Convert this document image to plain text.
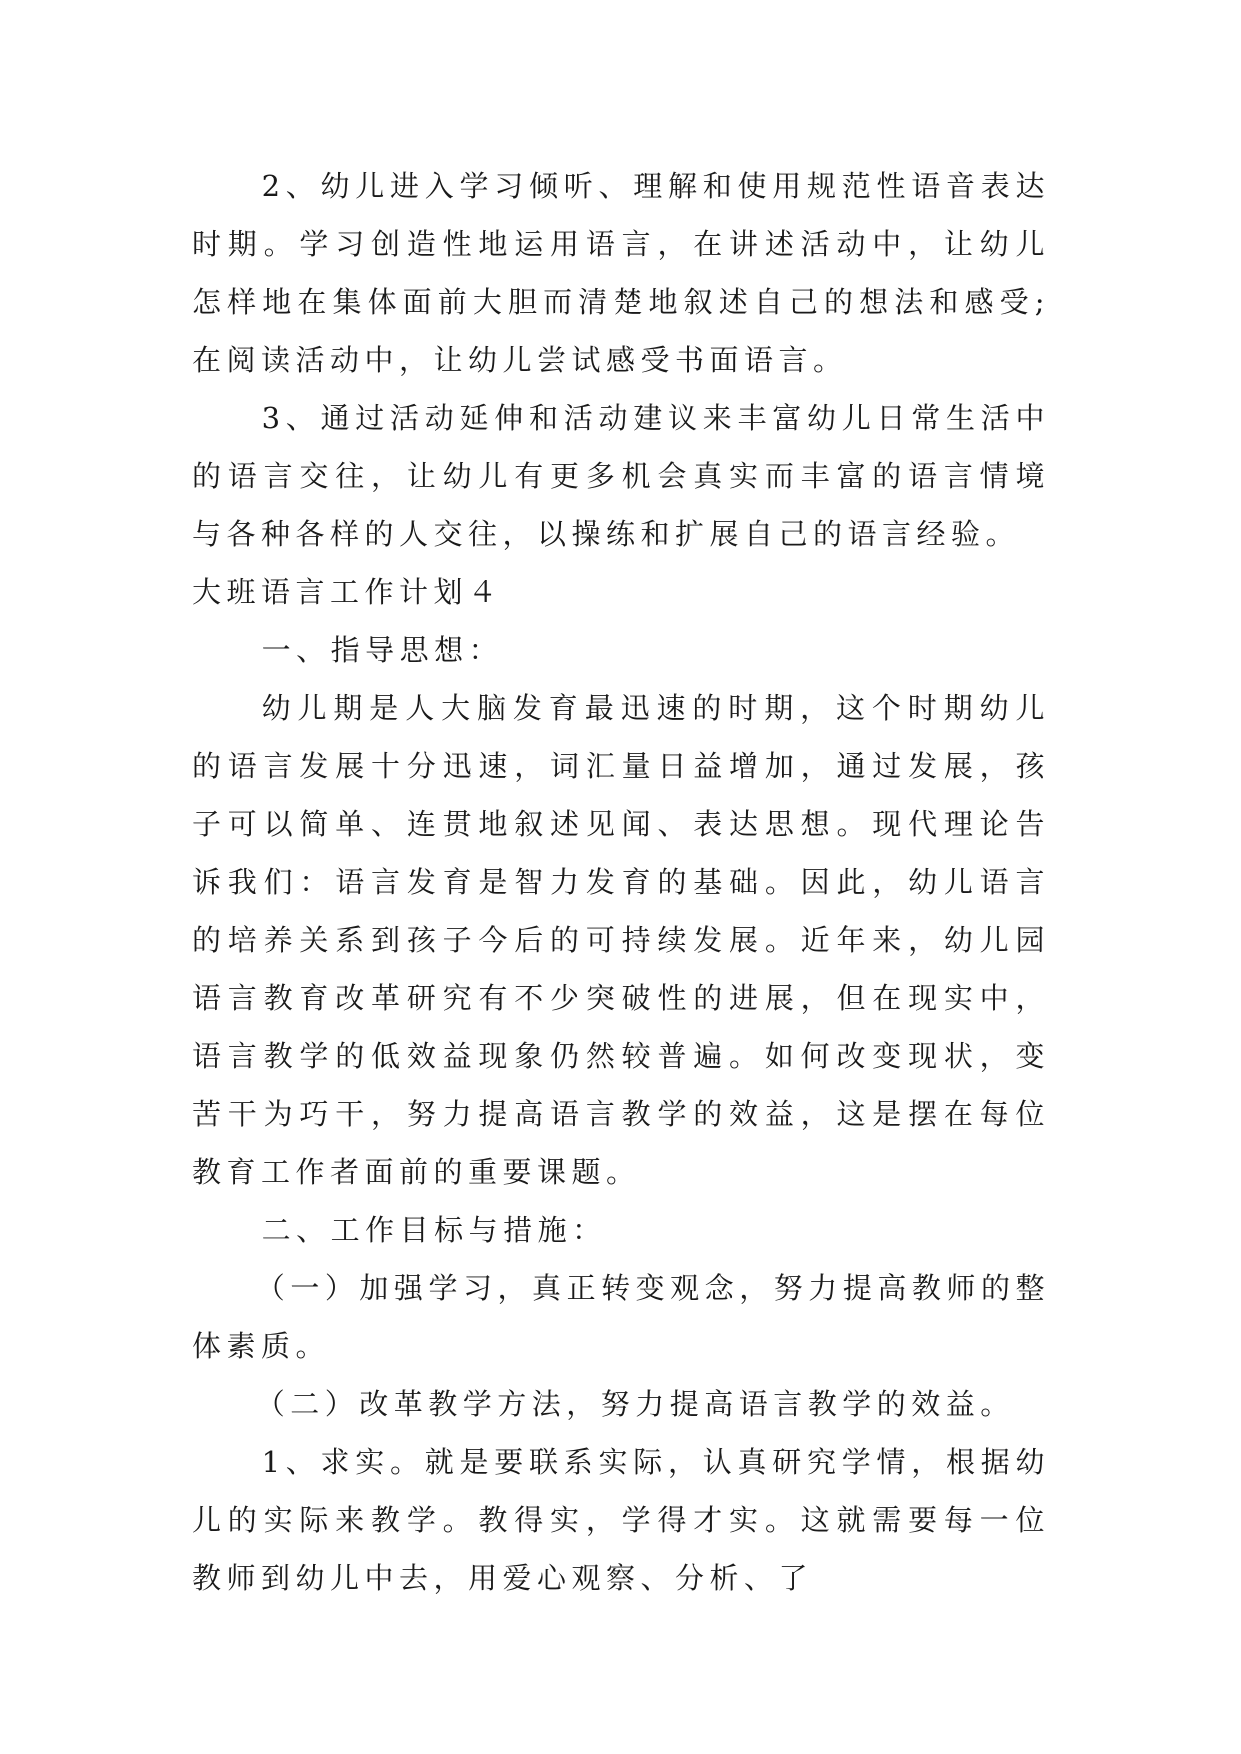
2、幼儿进入学习倾听、理解和使用规范性语音表达时期。学习创造性地运用语言，在讲述活动中，让幼儿怎样地在集体面前大胆而清楚地叙述自己的想法和感受;在阅读活动中，让幼儿尝试感受书面语言。

3、通过活动延伸和活动建议来丰富幼儿日常生活中的语言交往，让幼儿有更多机会真实而丰富的语言情境与各种各样的人交往，以操练和扩展自己的语言经验。

大班语言工作计划４

一、指导思想：

幼儿期是人大脑发育最迅速的时期，这个时期幼儿的语言发展十分迅速，词汇量日益增加，通过发展，孩子可以简单、连贯地叙述见闻、表达思想。现代理论告诉我们：语言发育是智力发育的基础。因此，幼儿语言的培养关系到孩子今后的可持续发展。近年来，幼儿园语言教育改革研究有不少突破性的进展，但在现实中，语言教学的低效益现象仍然较普遍。如何改变现状，变苦干为巧干，努力提高语言教学的效益，这是摆在每位教育工作者面前的重要课题。

二、工作目标与措施：

（一）加强学习，真正转变观念，努力提高教师的整体素质。

（二）改革教学方法，努力提高语言教学的效益。

1、求实。就是要联系实际，认真研究学情，根据幼儿的实际来教学。教得实，学得才实。这就需要每一位教师到幼儿中去，用爱心观察、分析、了
